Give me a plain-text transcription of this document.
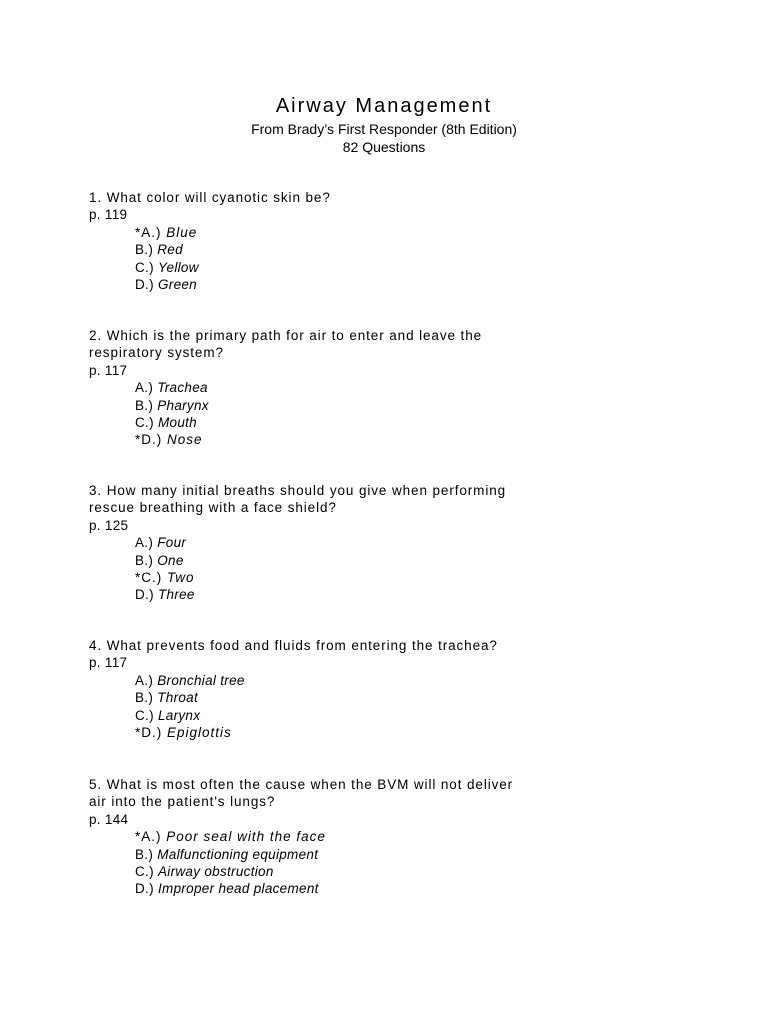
Airway Management
From Brady’s First Responder (8th Edition)
82 Questions
1. What color will cyanotic skin be?
p. 119
*A.) Blue
B.) Red
C.) Yellow
D.) Green
2. Which is the primary path for air to enter and leave the
respiratory system?
p. 117
A.) Trachea
B.) Pharynx
C.) Mouth
*D.) Nose
3. How many initial breaths should you give when performing
rescue breathing with a face shield?
p. 125
A.) Four
B.) One
*C.) Two
D.) Three
4. What prevents food and fluids from entering the trachea?
p. 117
A.) Bronchial tree
B.) Throat
C.) Larynx
*D.) Epiglottis
5. What is most often the cause when the BVM will not deliver
air into the patient's lungs?
p. 144
*A.) Poor seal with the face
B.) Malfunctioning equipment
C.) Airway obstruction
D.) Improper head placement
